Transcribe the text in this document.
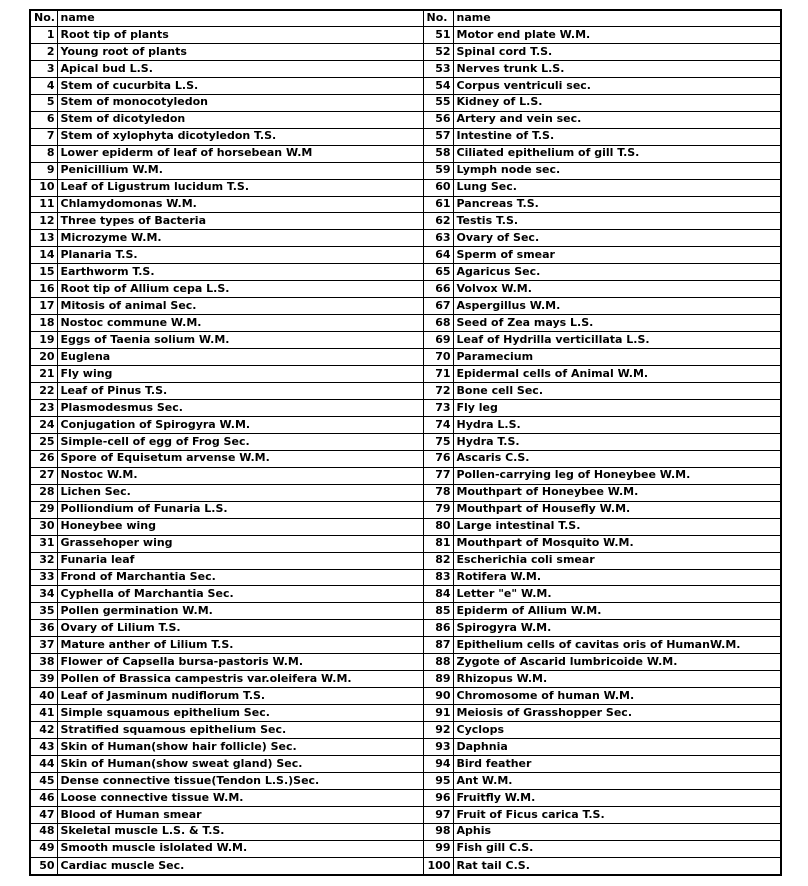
No.	name	No.	name
1	Root tip of plants	51	Motor end plate W.M.
2	Young root of plants	52	Spinal cord T.S.
3	Apical bud L.S.	53	Nerves trunk L.S.
4	Stem of cucurbita L.S.	54	Corpus ventriculi sec.
5	Stem of monocotyledon	55	Kidney of L.S.
6	Stem of dicotyledon	56	Artery and vein sec.
7	Stem of xylophyta dicotyledon T.S.	57	Intestine of T.S.
8	Lower epiderm of leaf of horsebean W.M	58	Ciliated epithelium of gill T.S.
9	Penicillium W.M.	59	Lymph node sec.
10	Leaf of Ligustrum lucidum T.S.	60	Lung Sec.
11	Chlamydomonas W.M.	61	Pancreas T.S.
12	Three types of Bacteria	62	Testis T.S.
13	Microzyme W.M.	63	Ovary of Sec.
14	Planaria T.S.	64	Sperm of smear
15	Earthworm T.S.	65	Agaricus Sec.
16	Root tip of Allium cepa L.S.	66	Volvox W.M.
17	Mitosis of animal Sec.	67	Aspergillus W.M.
18	Nostoc commune W.M.	68	Seed of Zea mays L.S.
19	Eggs of Taenia solium W.M.	69	Leaf of Hydrilla verticillata L.S.
20	Euglena	70	Paramecium
21	Fly wing	71	Epidermal cells of Animal W.M.
22	Leaf of Pinus T.S.	72	Bone cell Sec.
23	Plasmodesmus Sec.	73	Fly leg
24	Conjugation of Spirogyra W.M.	74	Hydra L.S.
25	Simple-cell of egg of Frog Sec.	75	Hydra T.S.
26	Spore of Equisetum arvense W.M.	76	Ascaris C.S.
27	Nostoc W.M.	77	Pollen-carrying leg of Honeybee W.M.
28	Lichen Sec.	78	Mouthpart of Honeybee W.M.
29	Polliondium of Funaria L.S.	79	Mouthpart of Housefly W.M.
30	Honeybee wing	80	Large intestinal T.S.
31	Grassehoper wing	81	Mouthpart of Mosquito W.M.
32	Funaria leaf	82	Escherichia coli smear
33	Frond of Marchantia Sec.	83	Rotifera W.M.
34	Cyphella of Marchantia Sec.	84	Letter "e" W.M.
35	Pollen germination W.M.	85	Epiderm of Allium W.M.
36	Ovary of Lilium T.S.	86	Spirogyra W.M.
37	Mature anther of Lilium T.S.	87	Epithelium cells of cavitas oris of HumanW.M.
38	Flower of Capsella bursa-pastoris W.M.	88	Zygote of Ascarid lumbricoide W.M.
39	Pollen of Brassica campestris var.oleifera W.M.	89	Rhizopus W.M.
40	Leaf of Jasminum nudiflorum T.S.	90	Chromosome of human W.M.
41	Simple squamous epithelium Sec.	91	Meiosis of Grasshopper Sec.
42	Stratified squamous epithelium Sec.	92	Cyclops
43	Skin of Human(show hair follicle) Sec.	93	Daphnia
44	Skin of Human(show sweat gland) Sec.	94	Bird feather
45	Dense connective tissue(Tendon L.S.)Sec.	95	Ant W.M.
46	Loose connective tissue W.M.	96	Fruitfly W.M.
47	Blood of Human smear	97	Fruit of Ficus carica T.S.
48	Skeletal muscle L.S. & T.S.	98	Aphis
49	Smooth muscle islolated W.M.	99	Fish gill C.S.
50	Cardiac muscle Sec.	100	Rat tail C.S.
